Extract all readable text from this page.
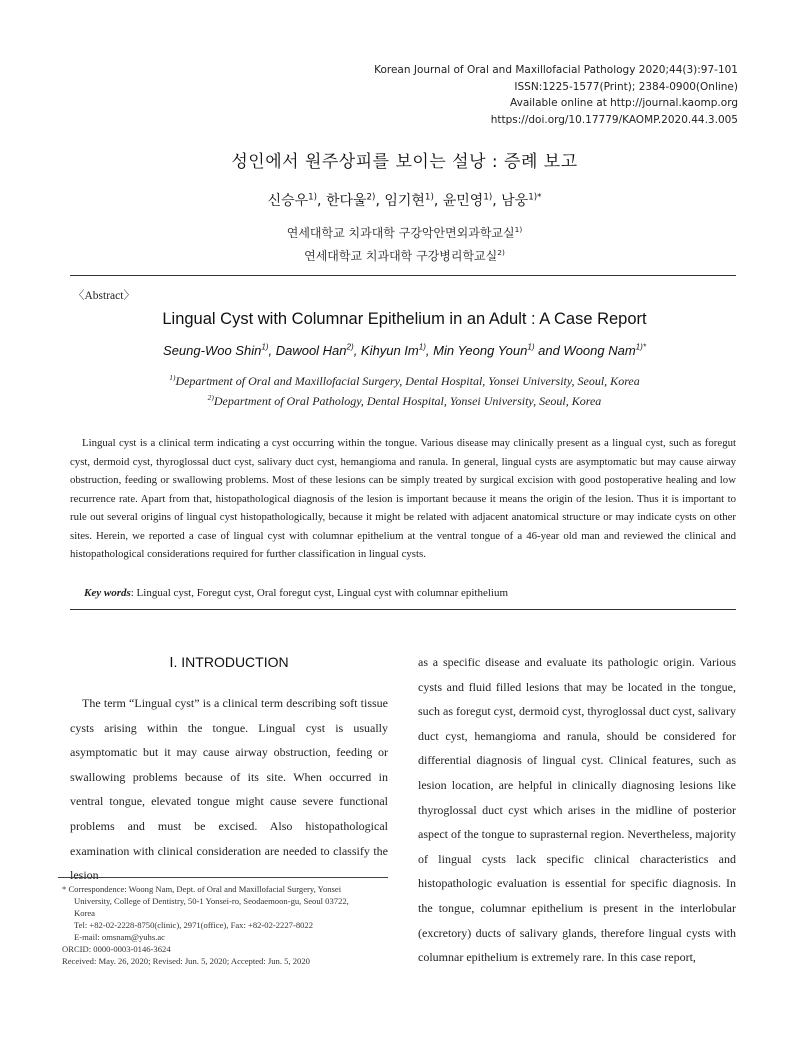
Korean Journal of Oral and Maxillofacial Pathology 2020;44(3):97-101
ISSN:1225-1577(Print); 2384-0900(Online)
Available online at http://journal.kaomp.org
https://doi.org/10.17779/KAOMP.2020.44.3.005
성인에서 원주상피를 보이는 설낭 : 증례 보고
신승우$^{1)}$, 한다울$^{2)}$, 임기현$^{1)}$, 윤민영$^{1)}$, 남웅$^{1)*}$
연세대학교 치과대학 구강악안면외과학교실$^{1)}$
연세대학교 치과대학 구강병리학교실$^{2)}$
〈Abstract〉
Lingual Cyst with Columnar Epithelium in an Adult : A Case Report
Seung-Woo Shin$^{1)}$, Dawool Han$^{2)}$, Kihyun Im$^{1)}$, Min Yeong Youn$^{1)}$ and Woong Nam$^{1)*}$
$^{1)}$Department of Oral and Maxillofacial Surgery, Dental Hospital, Yonsei University, Seoul, Korea
$^{2)}$Department of Oral Pathology, Dental Hospital, Yonsei University, Seoul, Korea

Lingual cyst is a clinical term indicating a cyst occurring within the tongue. Various disease may clinically present as a lingual cyst, such as foregut cyst, dermoid cyst, thyroglossal duct cyst, salivary duct cyst, hemangioma and ranula. In general, lingual cysts are asymptomatic but may cause airway obstruction, feeding or swallowing problems. Most of these lesions can be simply treated by surgical excision with good postoperative healing and low recurrence rate. Apart from that, histopathological diagnosis of the lesion is important because it means the origin of the lesion. Thus it is important to rule out several origins of lingual cyst histopathologically, because it might be related with adjacent anatomical structure or may indicate cysts on other sites. Herein, we reported a case of lingual cyst with columnar epithelium at the ventral tongue of a 46-year old man and reviewed the clinical and histopathological considerations required for further classification in lingual cysts.

Key words: Lingual cyst, Foregut cyst, Oral foregut cyst, Lingual cyst with columnar epithelium
Ⅰ. INTRODUCTION

The term “Lingual cyst” is a clinical term describing soft tissue cysts arising within the tongue. Lingual cyst is usually asymptomatic but it may cause airway obstruction, feeding or swallowing problems because of its site. When occurred in ventral tongue, elevated tongue might cause severe functional problems and must be excised. Also histopathological examination with clinical consideration are needed to classify the lesion

as a specific disease and evaluate its pathologic origin. Various cysts and fluid filled lesions that may be located in the tongue, such as foregut cyst, dermoid cyst, thyroglossal duct cyst, salivary duct cyst, hemangioma and ranula, should be considered for differential diagnosis of lingual cyst. Clinical features, such as lesion location, are helpful in clinically diagnosing lesions like thyroglossal duct cyst which arises in the midline of posterior aspect of the tongue to suprasternal region. Nevertheless, majority of lingual cysts lack specific clinical characteristics and histopathologic evaluation is essential for specific diagnosis. In the tongue, columnar epithelium is present in the interlobular (excretory) ducts of salivary glands, therefore lingual cysts with columnar epithelium is extremely rare. In this case report,

* Correspondence: Woong Nam, Dept. of Oral and Maxillofacial Surgery, Yonsei
University, College of Dentistry, 50-1 Yonsei-ro, Seodaemoon-gu, Seoul 03722,
Korea
Tel: +82-02-2228-8750(clinic), 2971(office), Fax: +82-02-2227-8022
E-mail: omsnam@yuhs.ac
ORCID: 0000-0003-0146-3624
Received: May. 26, 2020; Revised: Jun. 5, 2020; Accepted: Jun. 5, 2020
